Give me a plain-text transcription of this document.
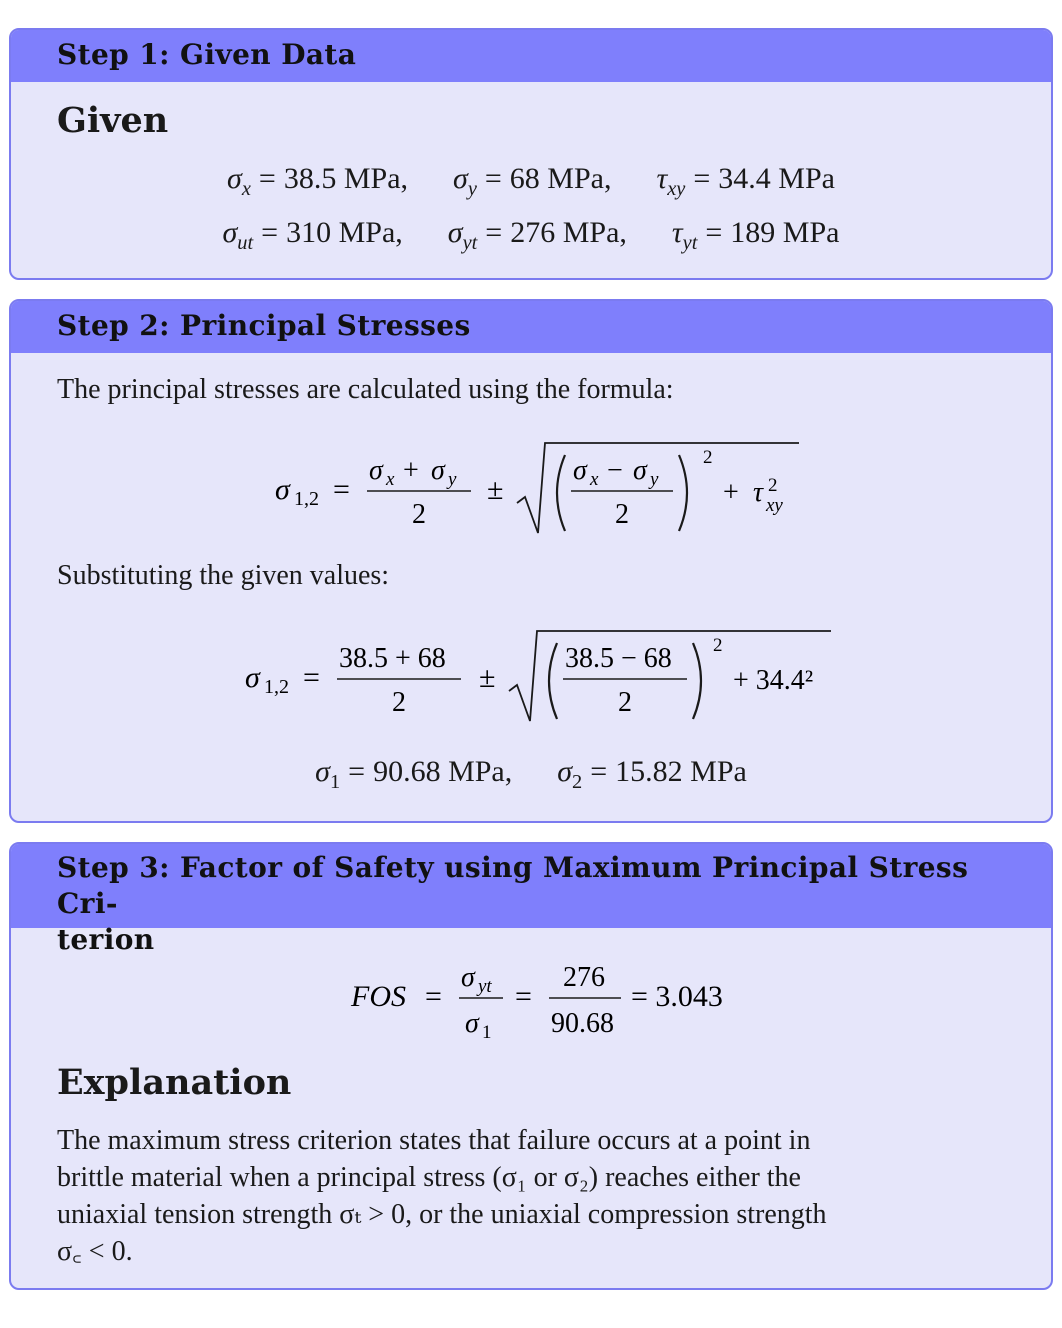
Step 1: Given Data
Given
$\sigma_x = 38.5$ MPa, $\sigma_y = 68$ MPa, $\tau_{xy} = 34.4$ MPa
$\sigma_{ut} = 310$ MPa, $\sigma_{yt} = 276$ MPa, $\tau_{yt} = 189$ MPa
Step 2: Principal Stresses
The principal stresses are calculated using the formula:
σ 1,2 =
σ x + σ y
2
±
σ x − σ y
2
2
+ τ 2
xy
Substituting the given values:
σ 1,2 =
38.5 + 68
2
±
38.5 − 68
2
2
+ 34.4²
$\sigma_1 = 90.68$ MPa, $\sigma_2 = 15.82$ MPa
Step 3: Factor of Safety using Maximum Principal Stress Cri-
terion
FOS =
σ yt
σ 1
=
276
90.68
= 3.043
Explanation
The maximum stress criterion states that failure occurs at a point in
brittle material when a principal stress (σ₁ or σ₂) reaches either the
uniaxial tension strength σₜ > 0, or the uniaxial compression strength
σ꜀ < 0.
